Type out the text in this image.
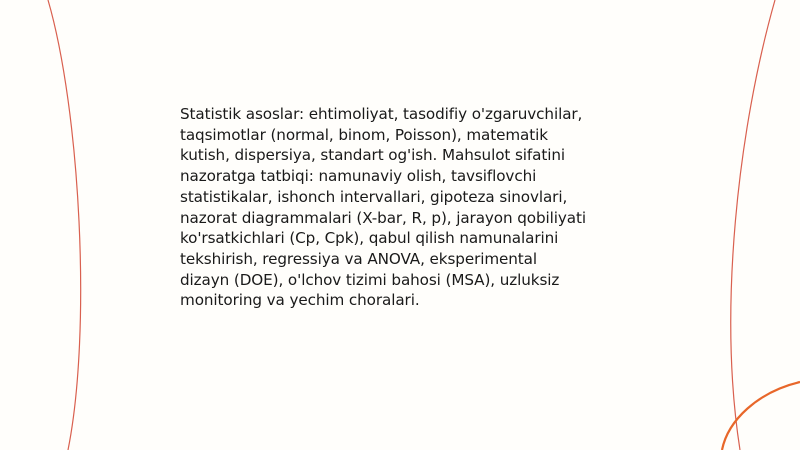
Statistik asoslar: ehtimoliyat, tasodifiy o'zgaruvchilar,
taqsimotlar (normal, binom, Poisson), matematik
kutish, dispersiya, standart og'ish. Mahsulot sifatini
nazoratga tatbiqi: namunaviy olish, tavsiflovchi
statistikalar, ishonch intervallari, gipoteza sinovlari,
nazorat diagrammalari (X-bar, R, p), jarayon qobiliyati
ko'rsatkichlari (Cp, Cpk), qabul qilish namunalarini
tekshirish, regressiya va ANOVA, eksperimental
dizayn (DOE), o'lchov tizimi bahosi (MSA), uzluksiz
monitoring va yechim choralari.
